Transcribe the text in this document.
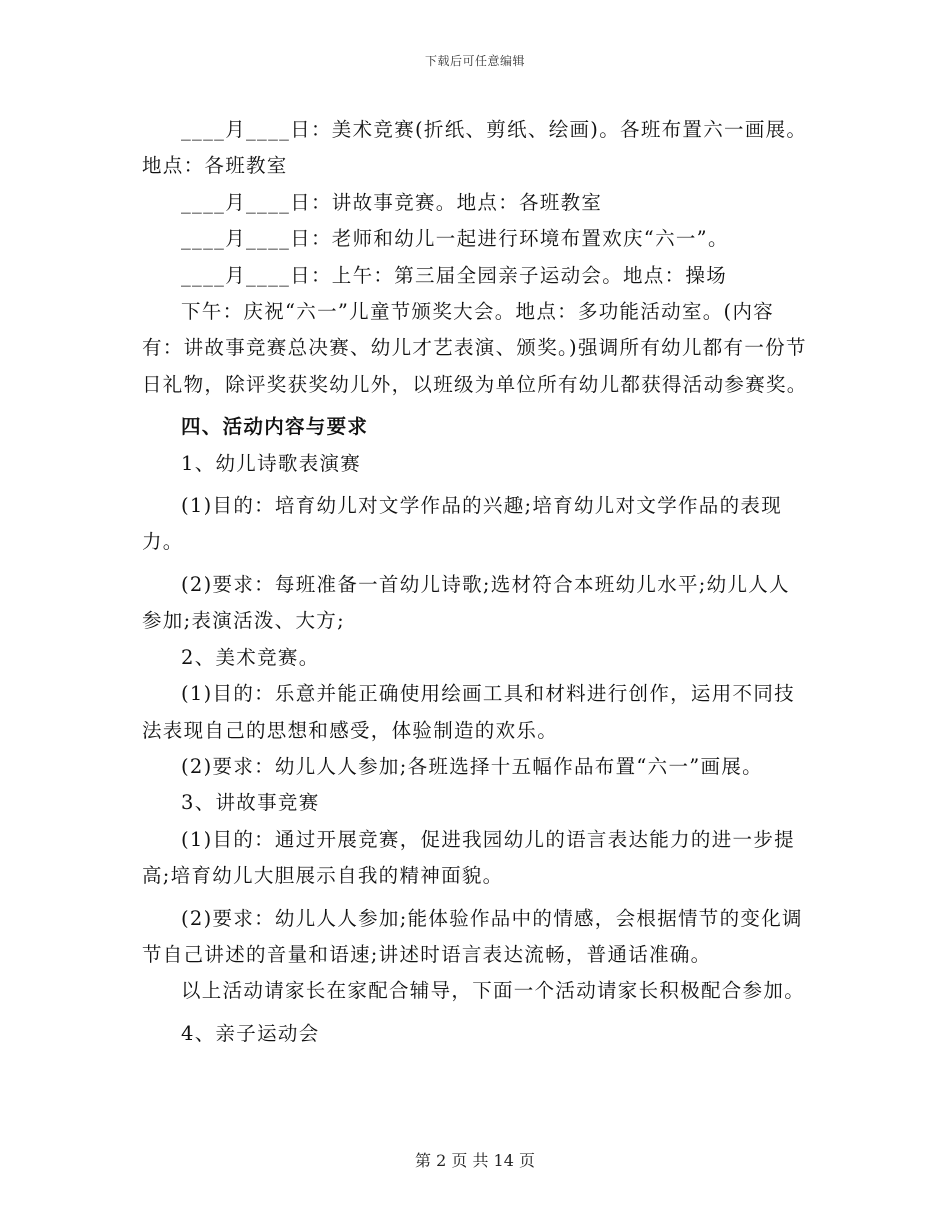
下载后可任意编辑

____月____日：美术竞赛(折纸、剪纸、绘画)。各班布置六一画展。地点：各班教室

____月____日：讲故事竞赛。地点：各班教室

____月____日：老师和幼儿一起进行环境布置欢庆“六一”。

____月____日：上午：第三届全园亲子运动会。地点：操场

下午：庆祝“六一”儿童节颁奖大会。地点：多功能活动室。(内容有：讲故事竞赛总决赛、幼儿才艺表演、颁奖。)强调所有幼儿都有一份节日礼物，除评奖获奖幼儿外，以班级为单位所有幼儿都获得活动参赛奖。

四、活动内容与要求

1、幼儿诗歌表演赛

(1)目的：培育幼儿对文学作品的兴趣;培育幼儿对文学作品的表现力。

(2)要求：每班准备一首幼儿诗歌;选材符合本班幼儿水平;幼儿人人参加;表演活泼、大方;

2、美术竞赛。

(1)目的：乐意并能正确使用绘画工具和材料进行创作，运用不同技法表现自己的思想和感受，体验制造的欢乐。

(2)要求：幼儿人人参加;各班选择十五幅作品布置“六一”画展。

3、讲故事竞赛

(1)目的：通过开展竞赛，促进我园幼儿的语言表达能力的进一步提高;培育幼儿大胆展示自我的精神面貌。

(2)要求：幼儿人人参加;能体验作品中的情感，会根据情节的变化调节自己讲述的音量和语速;讲述时语言表达流畅，普通话准确。

以上活动请家长在家配合辅导，下面一个活动请家长积极配合参加。

4、亲子运动会

第 2 页 共 14 页
